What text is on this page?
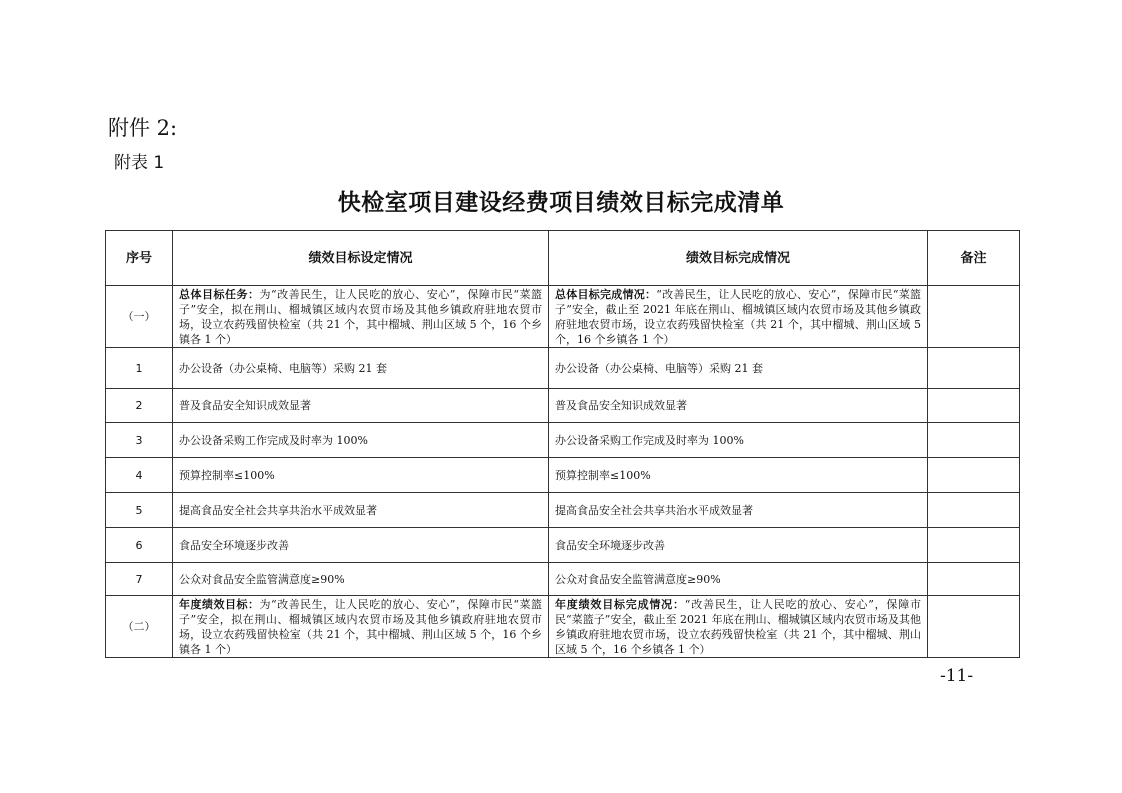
附件 2:
附表 1
快检室项目建设经费项目绩效目标完成清单
序号	绩效目标设定情况	绩效目标完成情况	备注
（一）	总体目标任务：为“改善民生，让人民吃的放心、安心”，保障市民“菜篮子”安全，拟在荆山、榴城镇区域内农贸市场及其他乡镇政府驻地农贸市场，设立农药残留快检室（共 21 个，其中榴城、荆山区域 5 个，16 个乡镇各 1 个）	总体目标完成情况：“改善民生，让人民吃的放心、安心”，保障市民“菜篮子”安全，截止至 2021 年底在荆山、榴城镇区域内农贸市场及其他乡镇政府驻地农贸市场，设立农药残留快检室（共 21 个，其中榴城、荆山区域 5 个，16 个乡镇各 1 个）	
1	办公设备（办公桌椅、电脑等）采购 21 套	办公设备（办公桌椅、电脑等）采购 21 套	
2	普及食品安全知识成效显著	普及食品安全知识成效显著	
3	办公设备采购工作完成及时率为 100%	办公设备采购工作完成及时率为 100%	
4	预算控制率≤100%	预算控制率≤100%	
5	提高食品安全社会共享共治水平成效显著	提高食品安全社会共享共治水平成效显著	
6	食品安全环境逐步改善	食品安全环境逐步改善	
7	公众对食品安全监管满意度≥90%	公众对食品安全监管满意度≥90%	
（二）	年度绩效目标：为“改善民生，让人民吃的放心、安心”，保障市民“菜篮子”安全，拟在荆山、榴城镇区域内农贸市场及其他乡镇政府驻地农贸市场，设立农药残留快检室（共 21 个，其中榴城、荆山区域 5 个，16 个乡镇各 1 个）	年度绩效目标完成情况：“改善民生，让人民吃的放心、安心”，保障市民“菜篮子”安全，截止至 2021 年底在荆山、榴城镇区域内农贸市场及其他乡镇政府驻地农贸市场，设立农药残留快检室（共 21 个，其中榴城、荆山区域 5 个，16 个乡镇各 1 个）	
-11-
